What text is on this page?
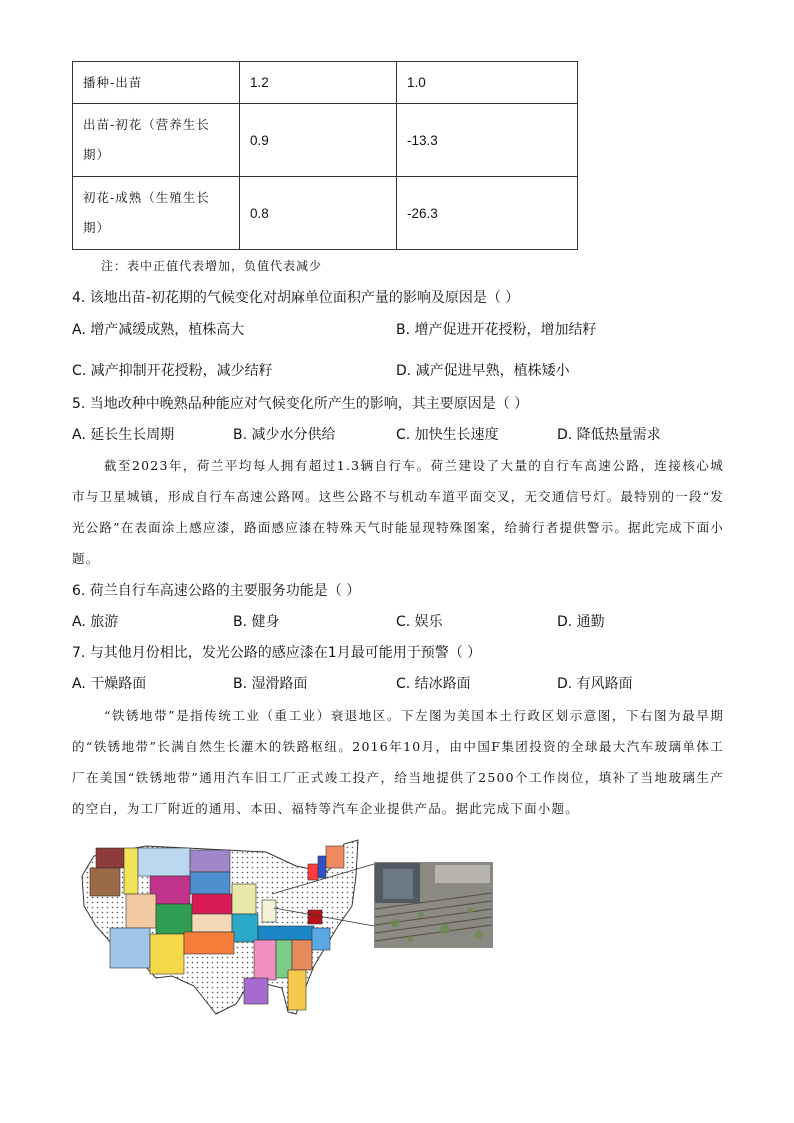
播种-出苗	1.2	1.0
出苗-初花（营养生长期）	0.9	-13.3
初花-成熟（生殖生长期）	0.8	-26.3
注：表中正值代表增加，负值代表减少
4. 该地出苗-初花期的气候变化对胡麻单位面积产量的影响及原因是（ ）
A. 增产减缓成熟，植株高大	B. 增产促进开花授粉，增加结籽
C. 减产抑制开花授粉，减少结籽	D. 减产促进早熟，植株矮小
5. 当地改种中晚熟品种能应对气候变化所产生的影响，其主要原因是（ ）
A. 延长生长周期	B. 减少水分供给	C. 加快生长速度	D. 降低热量需求
截至2023年，荷兰平均每人拥有超过1.3辆自行车。荷兰建设了大量的自行车高速公路，连接核心城市与卫星城镇，形成自行车高速公路网。这些公路不与机动车道平面交叉，无交通信号灯。最特别的一段“发光公路”在表面涂上感应漆，路面感应漆在特殊天气时能显现特殊图案，给骑行者提供警示。据此完成下面小题。
6. 荷兰自行车高速公路的主要服务功能是（ ）
A. 旅游	B. 健身	C. 娱乐	D. 通勤
7. 与其他月份相比，发光公路的感应漆在1月最可能用于预警（ ）
A. 干燥路面	B. 湿滑路面	C. 结冰路面	D. 有风路面
“铁锈地带”是指传统工业（重工业）衰退地区。下左图为美国本土行政区划示意图，下右图为最早期的“铁锈地带”长满自然生长灌木的铁路枢纽。2016年10月，由中国F集团投资的全球最大汽车玻璃单体工厂在美国“铁锈地带”通用汽车旧工厂正式竣工投产，给当地提供了2500个工作岗位，填补了当地玻璃生产的空白，为工厂附近的通用、本田、福特等汽车企业提供产品。据此完成下面小题。
